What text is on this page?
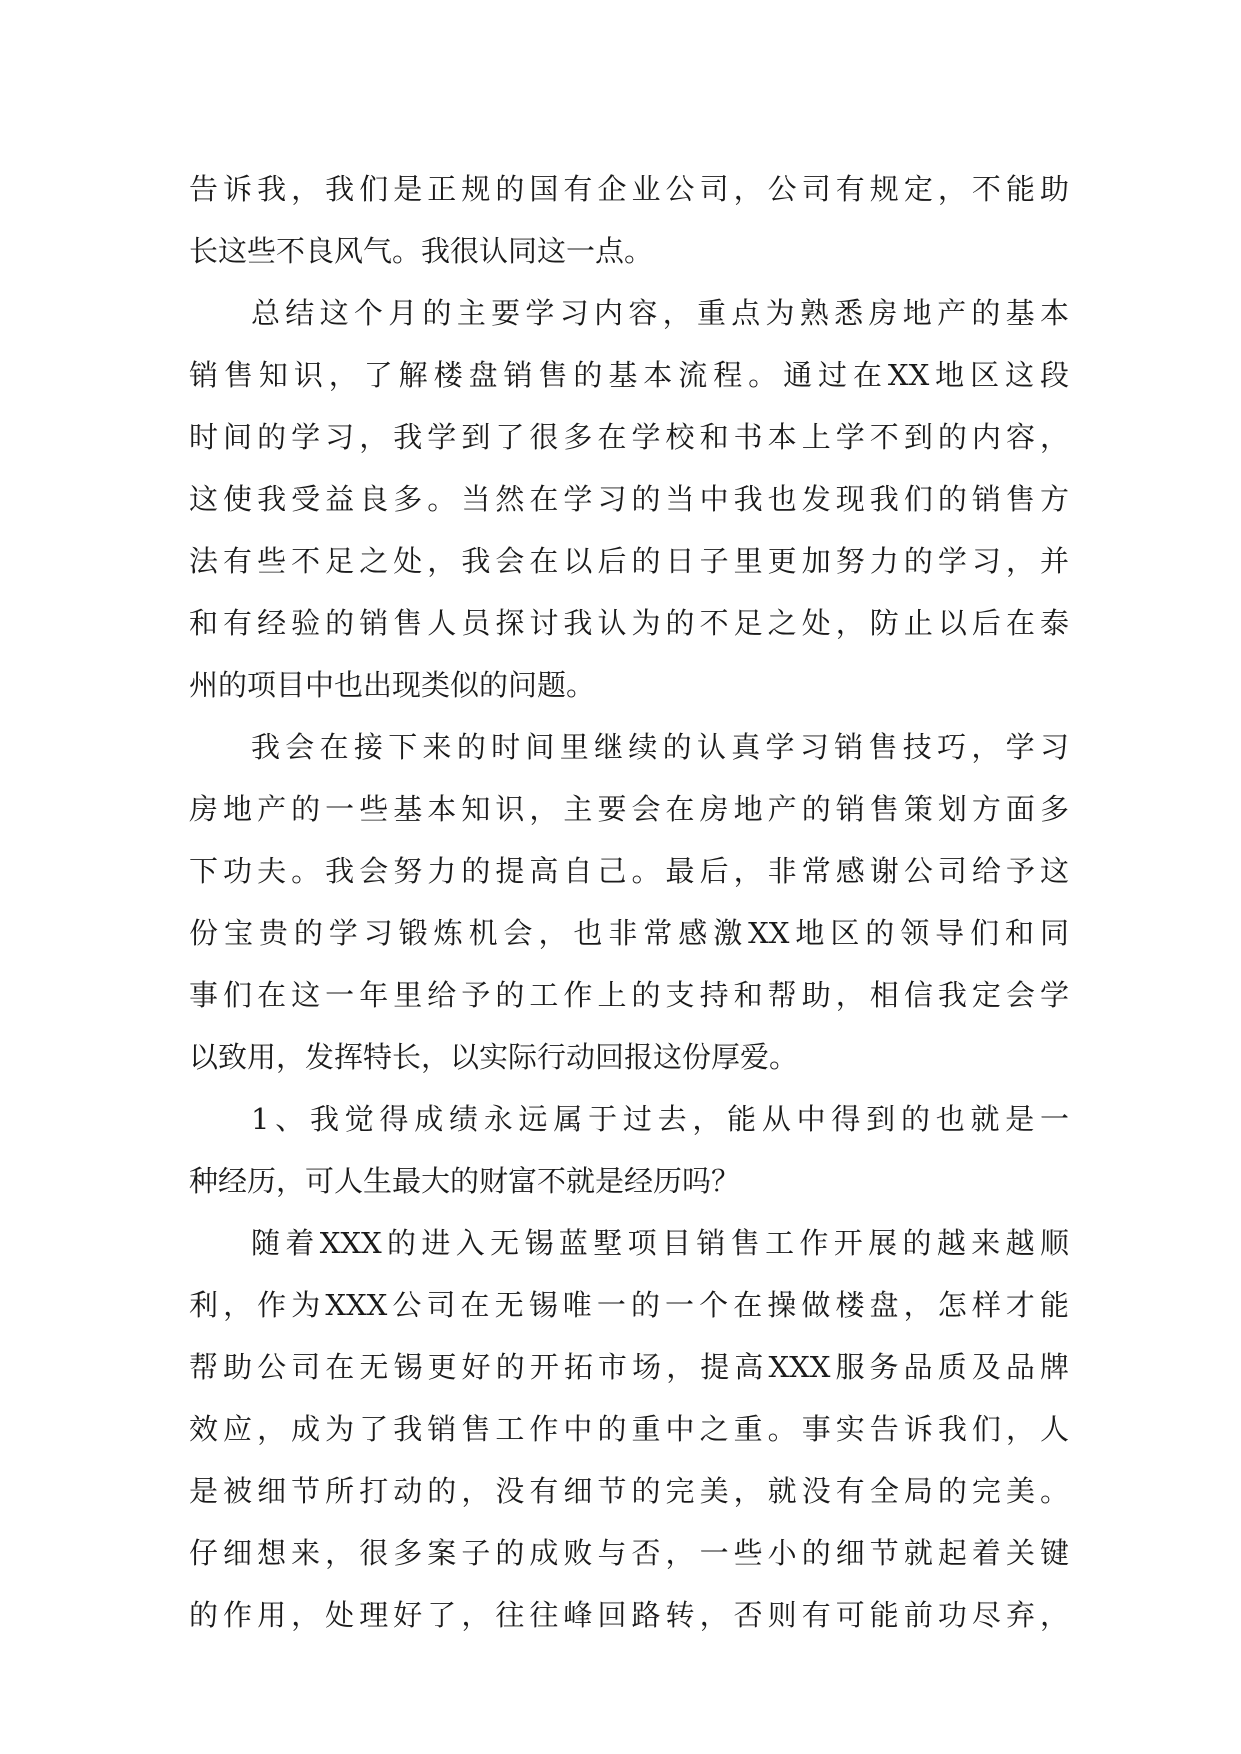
告诉我，我们是正规的国有企业公司，公司有规定，不能助
长这些不良风气。我很认同这一点。
总结这个月的主要学习内容，重点为熟悉房地产的基本
销售知识，了解楼盘销售的基本流程。通过在XX地区这段
时间的学习，我学到了很多在学校和书本上学不到的内容，
这使我受益良多。当然在学习的当中我也发现我们的销售方
法有些不足之处，我会在以后的日子里更加努力的学习，并
和有经验的销售人员探讨我认为的不足之处，防止以后在泰
州的项目中也出现类似的问题。
我会在接下来的时间里继续的认真学习销售技巧，学习
房地产的一些基本知识，主要会在房地产的销售策划方面多
下功夫。我会努力的提高自己。最后，非常感谢公司给予这
份宝贵的学习锻炼机会，也非常感激XX地区的领导们和同
事们在这一年里给予的工作上的支持和帮助，相信我定会学
以致用，发挥特长，以实际行动回报这份厚爱。
1、我觉得成绩永远属于过去，能从中得到的也就是一
种经历，可人生最大的财富不就是经历吗？
随着XXX的进入无锡蓝墅项目销售工作开展的越来越顺
利，作为XXX公司在无锡唯一的一个在操做楼盘，怎样才能
帮助公司在无锡更好的开拓市场，提高XXX服务品质及品牌
效应，成为了我销售工作中的重中之重。事实告诉我们，人
是被细节所打动的，没有细节的完美，就没有全局的完美。
仔细想来，很多案子的成败与否，一些小的细节就起着关键
的作用，处理好了，往往峰回路转，否则有可能前功尽弃，
